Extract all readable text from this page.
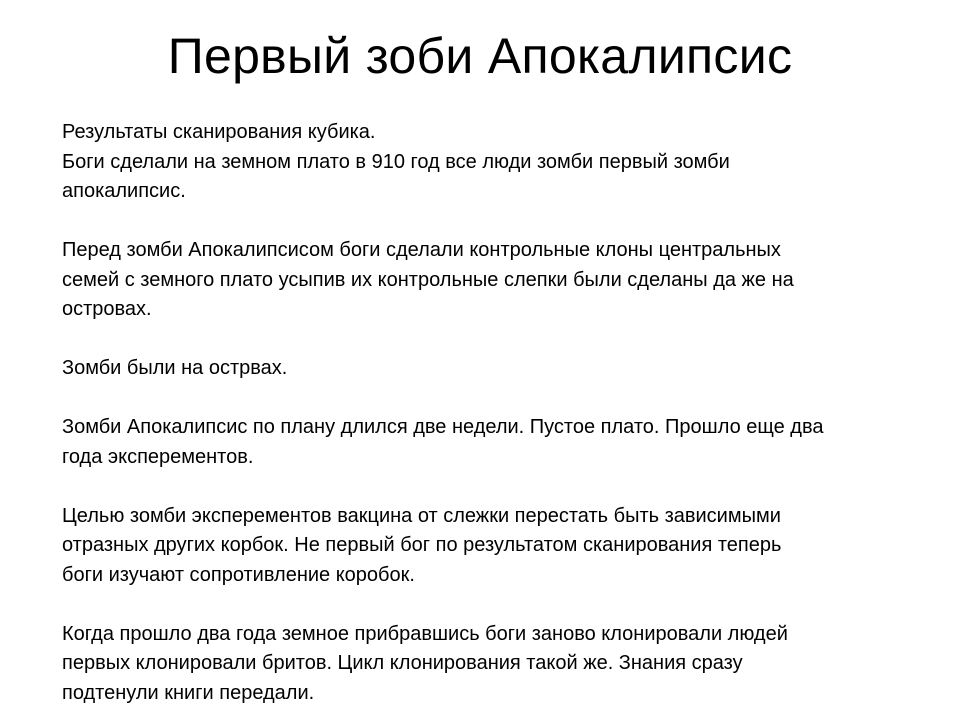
Первый зоби Апокалипсис

Результаты сканирования кубика.
Боги сделали на земном плато в 910 год все люди зомби первый зомби
апокалипсис.

Перед зомби Апокалипсисом боги сделали контрольные клоны центральных
семей с земного плато усыпив их контрольные слепки были сделаны да же на
островах.

Зомби были на острвах.

Зомби Апокалипсис по плану длился две недели. Пустое плато. Прошло еще два
года эксперементов.

Целью зомби эксперементов вакцина от слежки перестать быть зависимыми
отразных других корбок. Не первый бог по результатом сканирования теперь
боги изучают сопротивление коробок.

Когда прошло два года земное прибравшись боги заново клонировали людей
первых клонировали бритов. Цикл клонирования такой же. Знания сразу
подтенули книги передали.
